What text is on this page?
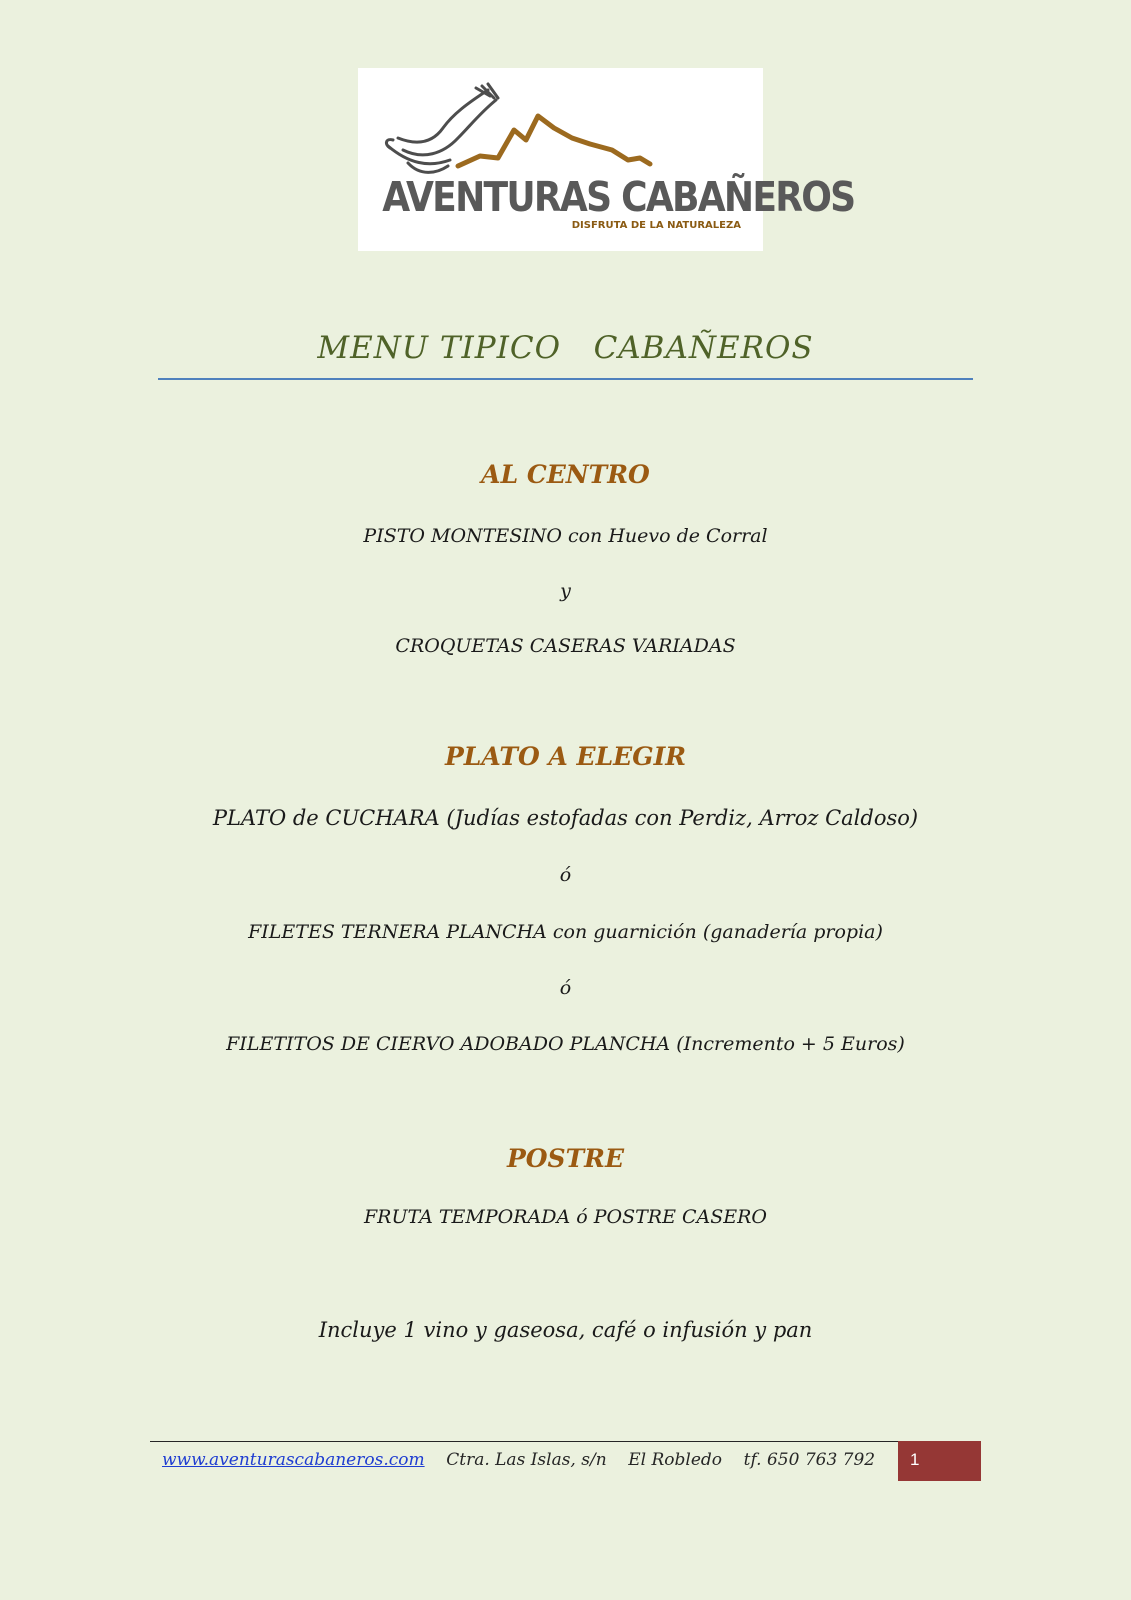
AVENTURAS CABAÑEROS
DISFRUTA DE LA NATURALEZA
MENU TIPICO   CABAÑEROS
AL CENTRO
PISTO MONTESINO con Huevo de Corral
y
CROQUETAS CASERAS VARIADAS
PLATO A ELEGIR
PLATO de CUCHARA (Judías estofadas con Perdiz, Arroz Caldoso)
ó
FILETES TERNERA PLANCHA con guarnición (ganadería propia)
ó
FILETITOS DE CIERVO ADOBADO PLANCHA (Incremento + 5 Euros)
POSTRE
FRUTA TEMPORADA ó POSTRE CASERO
Incluye 1 vino y gaseosa, café o infusión y pan
www.aventurascabaneros.com Ctra. Las Islas, s/n    El Robledo    tf. 650 763 792 1
